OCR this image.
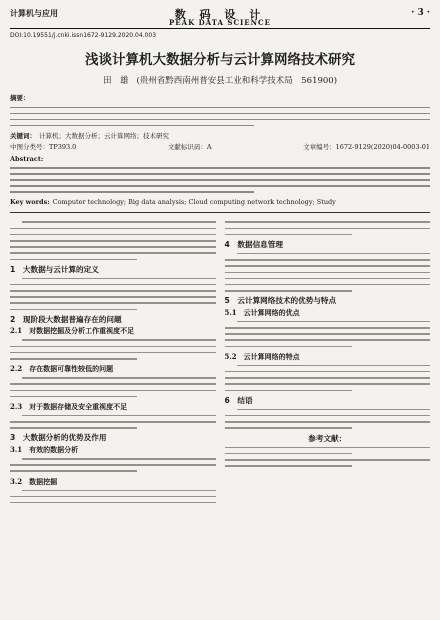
计算机与应用	数 码 设 计
PEAK DATA SCIENCE
· 3 ·
DOI:10.19551/j.cnki.issn1672-9129.2020.04.003
浅谈计算机大数据分析与云计算网络技术研究
田　雄 (贵州省黔西南州普安县工业和科学技术局　561900)
摘要：
关键词： 计算机；大数据分析；云计算网络；技术研究
中图分类号：TP393.0	文献标识码：A	文章编号：1672-9129(2020)04-0003-01
Abstract:
Key words: Computer technology; Big data analysis; Cloud computing network technology; Study
1　大数据与云计算的定义
2　现阶段大数据普遍存在的问题
2.1　对数据挖掘及分析工作重视度不足
2.2　存在数据可靠性较低的问题
2.3　对于数据存储及安全重视度不足
3　大数据分析的优势及作用
3.1　有效的数据分析
3.2　数据挖掘
4　数据信息管理
5　云计算网络技术的优势与特点
5.1　云计算网络的优点
5.2　云计算网络的特点
6　结语
参考文献：
